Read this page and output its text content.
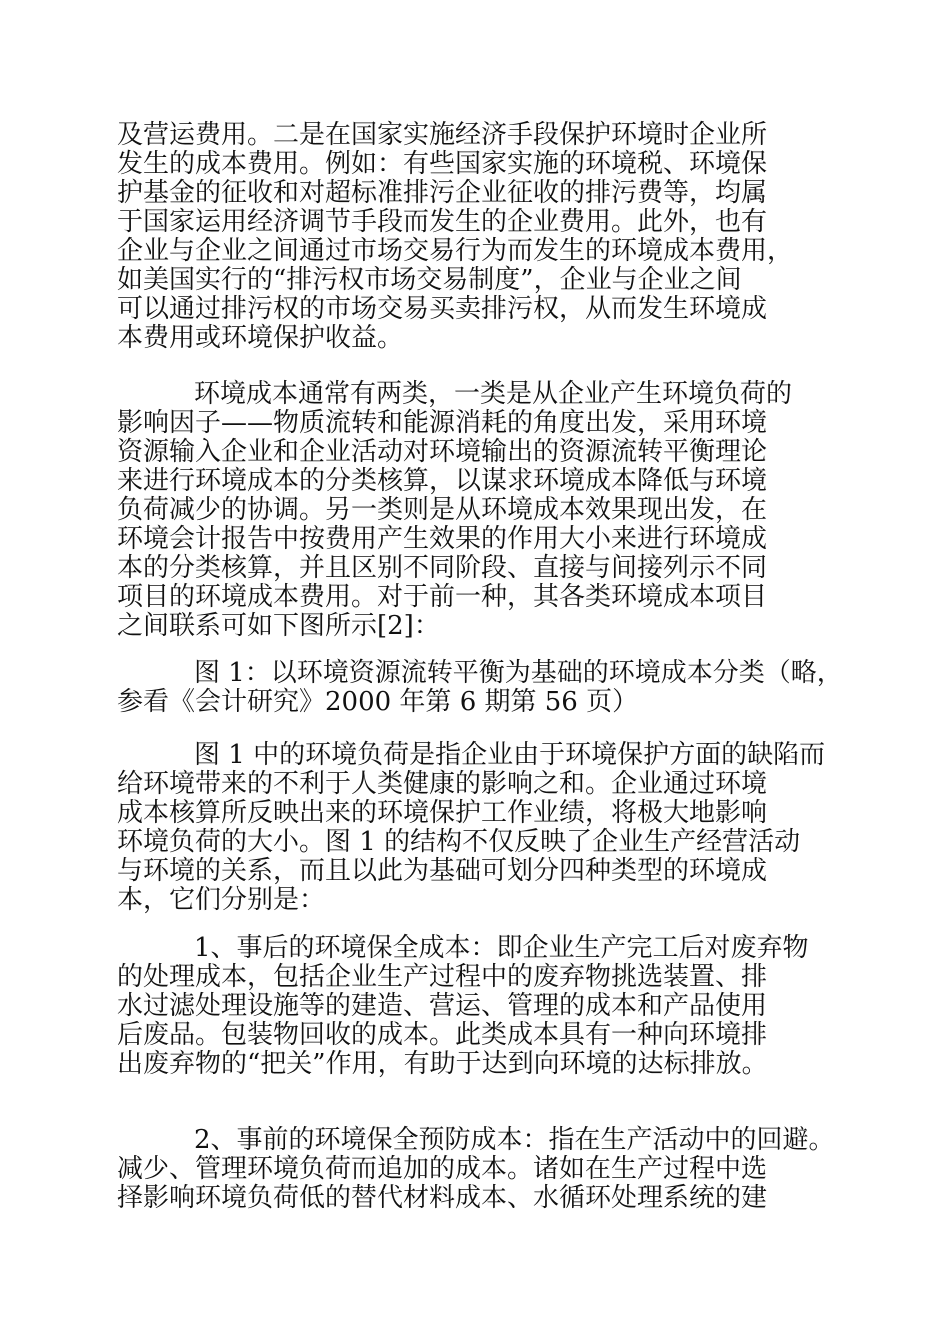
及营运费用。二是在国家实施经济手段保护环境时企业所
发生的成本费用。例如：有些国家实施的环境税、环境保
护基金的征收和对超标准排污企业征收的排污费等，均属
于国家运用经济调节手段而发生的企业费用。此外，也有
企业与企业之间通过市场交易行为而发生的环境成本费用，
如美国实行的“排污权市场交易制度”，企业与企业之间
可以通过排污权的市场交易买卖排污权，从而发生环境成
本费用或环境保护收益。
环境成本通常有两类，一类是从企业产生环境负荷的
影响因子——物质流转和能源消耗的角度出发，采用环境
资源输入企业和企业活动对环境输出的资源流转平衡理论
来进行环境成本的分类核算，以谋求环境成本降低与环境
负荷减少的协调。另一类则是从环境成本效果现出发，在
环境会计报告中按费用产生效果的作用大小来进行环境成
本的分类核算，并且区别不同阶段、直接与间接列示不同
项目的环境成本费用。对于前一种，其各类环境成本项目
之间联系可如下图所示[2]：
图 1：以环境资源流转平衡为基础的环境成本分类（略，
参看《会计研究》2000 年第 6 期第 56 页）
图 1 中的环境负荷是指企业由于环境保护方面的缺陷而
给环境带来的不利于人类健康的影响之和。企业通过环境
成本核算所反映出来的环境保护工作业绩，将极大地影响
环境负荷的大小。图 1 的结构不仅反映了企业生产经营活动
与环境的关系，而且以此为基础可划分四种类型的环境成
本，它们分别是：
1、事后的环境保全成本：即企业生产完工后对废弃物
的处理成本，包括企业生产过程中的废弃物挑选装置、排
水过滤处理设施等的建造、营运、管理的成本和产品使用
后废品。包装物回收的成本。此类成本具有一种向环境排
出废弃物的“把关”作用，有助于达到向环境的达标排放。
2、事前的环境保全预防成本：指在生产活动中的回避。
减少、管理环境负荷而追加的成本。诸如在生产过程中选
择影响环境负荷低的替代材料成本、水循环处理系统的建
